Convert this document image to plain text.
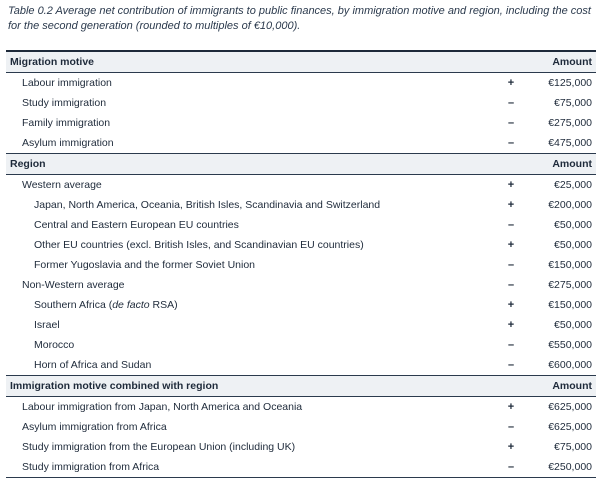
Table 0.2 Average net contribution of immigrants to public finances, by immigration motive and region, including the cost for the second generation (rounded to multiples of €10,000).
Migration motive		Amount
Labour immigration	+	€125,000
Study immigration	–	€75,000
Family immigration	–	€275,000
Asylum immigration	–	€475,000
Region		Amount
Western average	+	€25,000
Japan, North America, Oceania, British Isles, Scandinavia and Switzerland	+	€200,000
Central and Eastern European EU countries	–	€50,000
Other EU countries (excl. British Isles, and Scandinavian EU countries)	+	€50,000
Former Yugoslavia and the former Soviet Union	–	€150,000
Non-Western average	–	€275,000
Southern Africa (de facto RSA)	+	€150,000
Israel	+	€50,000
Morocco	–	€550,000
Horn of Africa and Sudan	–	€600,000
Immigration motive combined with region		Amount
Labour immigration from Japan, North America and Oceania	+	€625,000
Asylum immigration from Africa	–	€625,000
Study immigration from the European Union (including UK)	+	€75,000
Study immigration from Africa	–	€250,000
